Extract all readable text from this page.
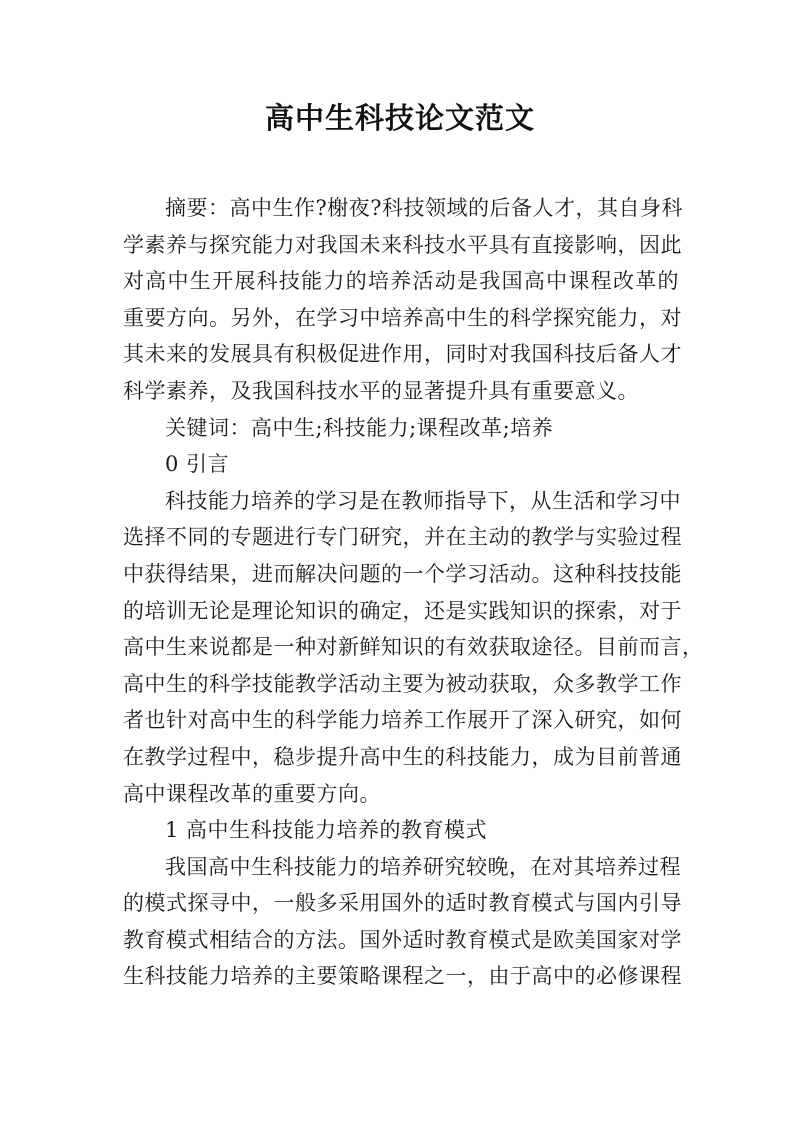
高中生科技论文范文
摘要：高中生作?榭夜?科技领域的后备人才，其自身科
学素养与探究能力对我国未来科技水平具有直接影响，因此
对高中生开展科技能力的培养活动是我国高中课程改革的
重要方向。另外，在学习中培养高中生的科学探究能力，对
其未来的发展具有积极促进作用，同时对我国科技后备人才
科学素养，及我国科技水平的显著提升具有重要意义。
关键词：高中生;科技能力;课程改革;培养
0 引言
科技能力培养的学习是在教师指导下，从生活和学习中
选择不同的专题进行专门研究，并在主动的教学与实验过程
中获得结果，进而解决问题的一个学习活动。这种科技技能
的培训无论是理论知识的确定，还是实践知识的探索，对于
高中生来说都是一种对新鲜知识的有效获取途径。目前而言，
高中生的科学技能教学活动主要为被动获取，众多教学工作
者也针对高中生的科学能力培养工作展开了深入研究，如何
在教学过程中，稳步提升高中生的科技能力，成为目前普通
高中课程改革的重要方向。
1 高中生科技能力培养的教育模式
我国高中生科技能力的培养研究较晚，在对其培养过程
的模式探寻中，一般多采用国外的适时教育模式与国内引导
教育模式相结合的方法。国外适时教育模式是欧美国家对学
生科技能力培养的主要策略课程之一，由于高中的必修课程
